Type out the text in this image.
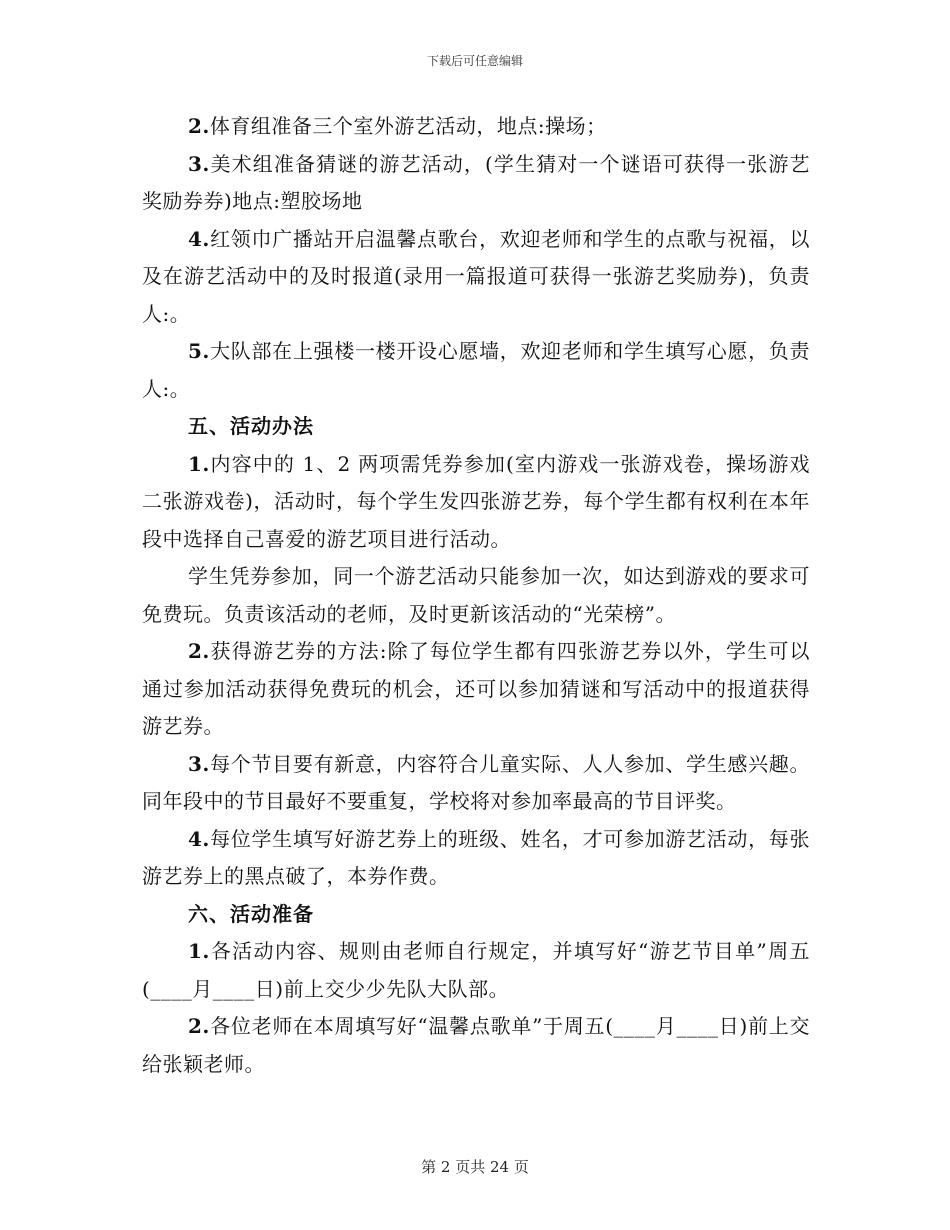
下载后可任意编辑

2.体育组准备三个室外游艺活动，地点:操场；

3.美术组准备猜谜的游艺活动，(学生猜对一个谜语可获得一张游艺奖励券券)地点:塑胶场地

4.红领巾广播站开启温馨点歌台，欢迎老师和学生的点歌与祝福，以及在游艺活动中的及时报道(录用一篇报道可获得一张游艺奖励券)，负责人:。

5.大队部在上强楼一楼开设心愿墙，欢迎老师和学生填写心愿，负责人:。

五、活动办法

1.内容中的 1、2 两项需凭券参加(室内游戏一张游戏卷，操场游戏二张游戏卷)，活动时，每个学生发四张游艺券，每个学生都有权利在本年段中选择自己喜爱的游艺项目进行活动。

学生凭券参加，同一个游艺活动只能参加一次，如达到游戏的要求可免费玩。负责该活动的老师，及时更新该活动的“光荣榜”。

2.获得游艺券的方法:除了每位学生都有四张游艺券以外，学生可以通过参加活动获得免费玩的机会，还可以参加猜谜和写活动中的报道获得游艺券。

3.每个节目要有新意，内容符合儿童实际、人人参加、学生感兴趣。同年段中的节目最好不要重复，学校将对参加率最高的节目评奖。

4.每位学生填写好游艺券上的班级、姓名，才可参加游艺活动，每张游艺券上的黑点破了，本券作费。

六、活动准备

1.各活动内容、规则由老师自行规定，并填写好“游艺节目单”周五(____月____日)前上交少少先队大队部。

2.各位老师在本周填写好“温馨点歌单”于周五(____月____日)前上交给张颖老师。

第 2 页共 24 页
